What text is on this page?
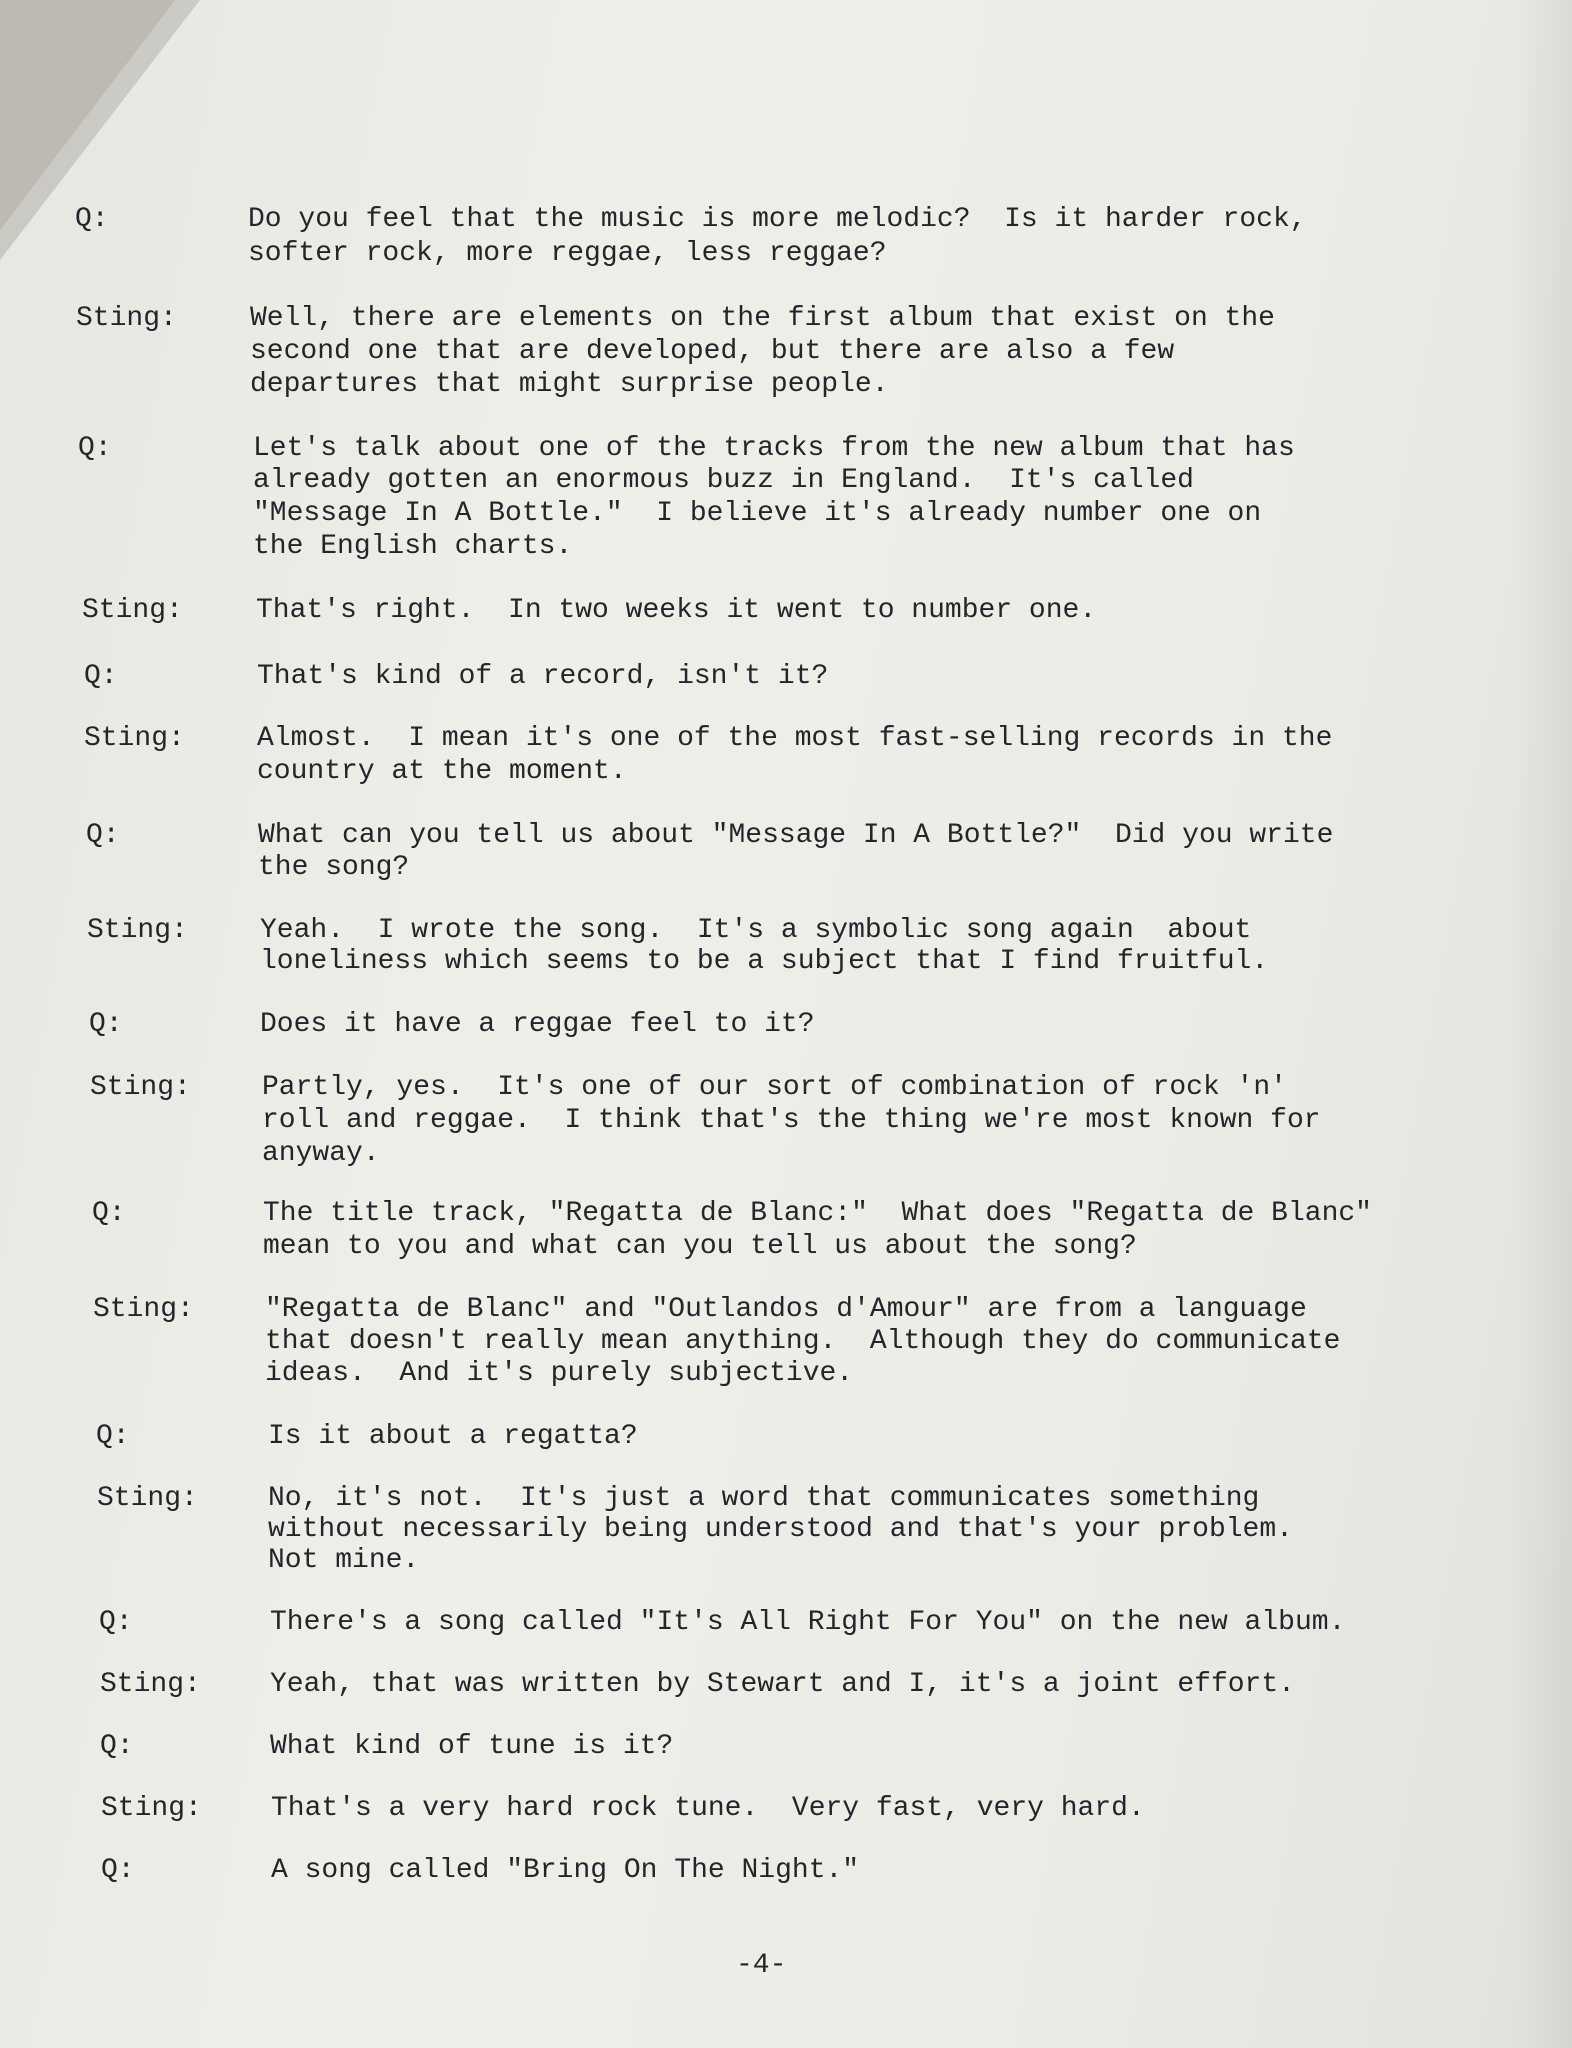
Q:	Do you feel that the music is more melodic?  Is it harder rock,
softer rock, more reggae, less reggae?
Sting:	Well, there are elements on the first album that exist on the
second one that are developed, but there are also a few
departures that might surprise people.
Q:	Let's talk about one of the tracks from the new album that has
already gotten an enormous buzz in England.  It's called
"Message In A Bottle."  I believe it's already number one on
the English charts.
Sting:	That's right.  In two weeks it went to number one.
Q:	That's kind of a record, isn't it?
Sting:	Almost.  I mean it's one of the most fast-selling records in the
country at the moment.
Q:	What can you tell us about "Message In A Bottle?"  Did you write
the song?
Sting:	Yeah.  I wrote the song.  It's a symbolic song again  about
loneliness which seems to be a subject that I find fruitful.
Q:	Does it have a reggae feel to it?
Sting:	Partly, yes.  It's one of our sort of combination of rock 'n'
roll and reggae.  I think that's the thing we're most known for
anyway.
Q:	The title track, "Regatta de Blanc:"  What does "Regatta de Blanc"
mean to you and what can you tell us about the song?
Sting:	"Regatta de Blanc" and "Outlandos d'Amour" are from a language
that doesn't really mean anything.  Although they do communicate
ideas.  And it's purely subjective.
Q:	Is it about a regatta?
Sting:	No, it's not.  It's just a word that communicates something
without necessarily being understood and that's your problem.
Not mine.
Q:	There's a song called "It's All Right For You" on the new album.
Sting: Yeah, that was written by Stewart and I, it's a joint effort.
Q:	What kind of tune is it?
Sting: That's a very hard rock tune.  Very fast, very hard.
Q:	A song called "Bring On The Night."
-4-
